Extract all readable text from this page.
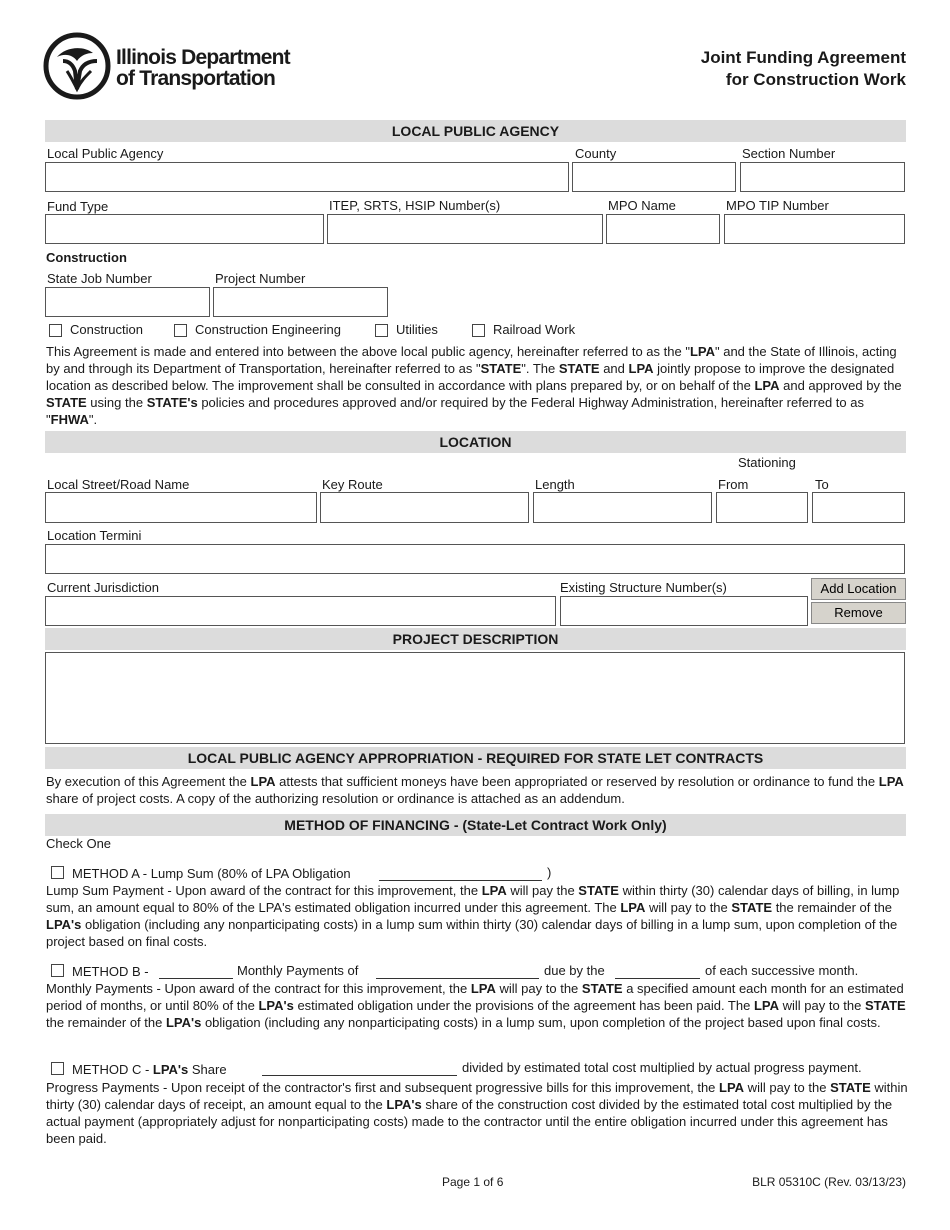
Illinois Department
of Transportation
Joint Funding Agreement
for Construction Work
LOCAL PUBLIC AGENCY
Local Public Agency	County	Section Number
Fund Type	ITEP, SRTS, HSIP Number(s)	MPO Name	MPO TIP Number
Construction
State Job Number	Project Number
Construction	Construction Engineering	Utilities	Railroad Work

This Agreement is made and entered into between the above local public agency, hereinafter referred to as the "LPA" and the State of Illinois, acting by and through its Department of Transportation, hereinafter referred to as "STATE". The STATE and LPA jointly propose to improve the designated location as described below. The improvement shall be consulted in accordance with plans prepared by, or on behalf of the LPA and approved by the STATE using the STATE's policies and procedures approved and/or required by the Federal Highway Administration, hereinafter referred to as "FHWA".

LOCATION
Stationing
Local Street/Road Name	Key Route	Length	From	To
Location Termini
Current Jurisdiction	Existing Structure Number(s)	Add Location
Remove
PROJECT DESCRIPTION
LOCAL PUBLIC AGENCY APPROPRIATION - REQUIRED FOR STATE LET CONTRACTS

By execution of this Agreement the LPA attests that sufficient moneys have been appropriated or reserved by resolution or ordinance to fund the LPA share of project costs. A copy of the authorizing resolution or ordinance is attached as an addendum.

METHOD OF FINANCING - (State-Let Contract Work Only)
Check One
METHOD A - Lump Sum (80% of LPA Obligation	)

Lump Sum Payment - Upon award of the contract for this improvement, the LPA will pay the STATE within thirty (30) calendar days of billing, in lump sum, an amount equal to 80% of the LPA's estimated obligation incurred under this agreement. The LPA will pay to the STATE the remainder of the LPA's obligation (including any nonparticipating costs) in a lump sum within thirty (30) calendar days of billing in a lump sum, upon completion of the project based on final costs.

METHOD B -	Monthly Payments of	due by the	of each successive month.

Monthly Payments - Upon award of the contract for this improvement, the LPA will pay to the STATE a specified amount each month for an estimated period of months, or until 80% of the LPA's estimated obligation under the provisions of the agreement has been paid. The LPA will pay to the STATE the remainder of the LPA's obligation (including any nonparticipating costs) in a lump sum, upon completion of the project based upon final costs.

METHOD C - LPA's Share	divided by estimated total cost multiplied by actual progress payment.

Progress Payments - Upon receipt of the contractor's first and subsequent progressive bills for this improvement, the LPA will pay to the STATE within thirty (30) calendar days of receipt, an amount equal to the LPA's share of the construction cost divided by the estimated total cost multiplied by the actual payment (appropriately adjust for nonparticipating costs) made to the contractor until the entire obligation incurred under this agreement has been paid.

Page 1 of 6	BLR 05310C (Rev. 03/13/23)
